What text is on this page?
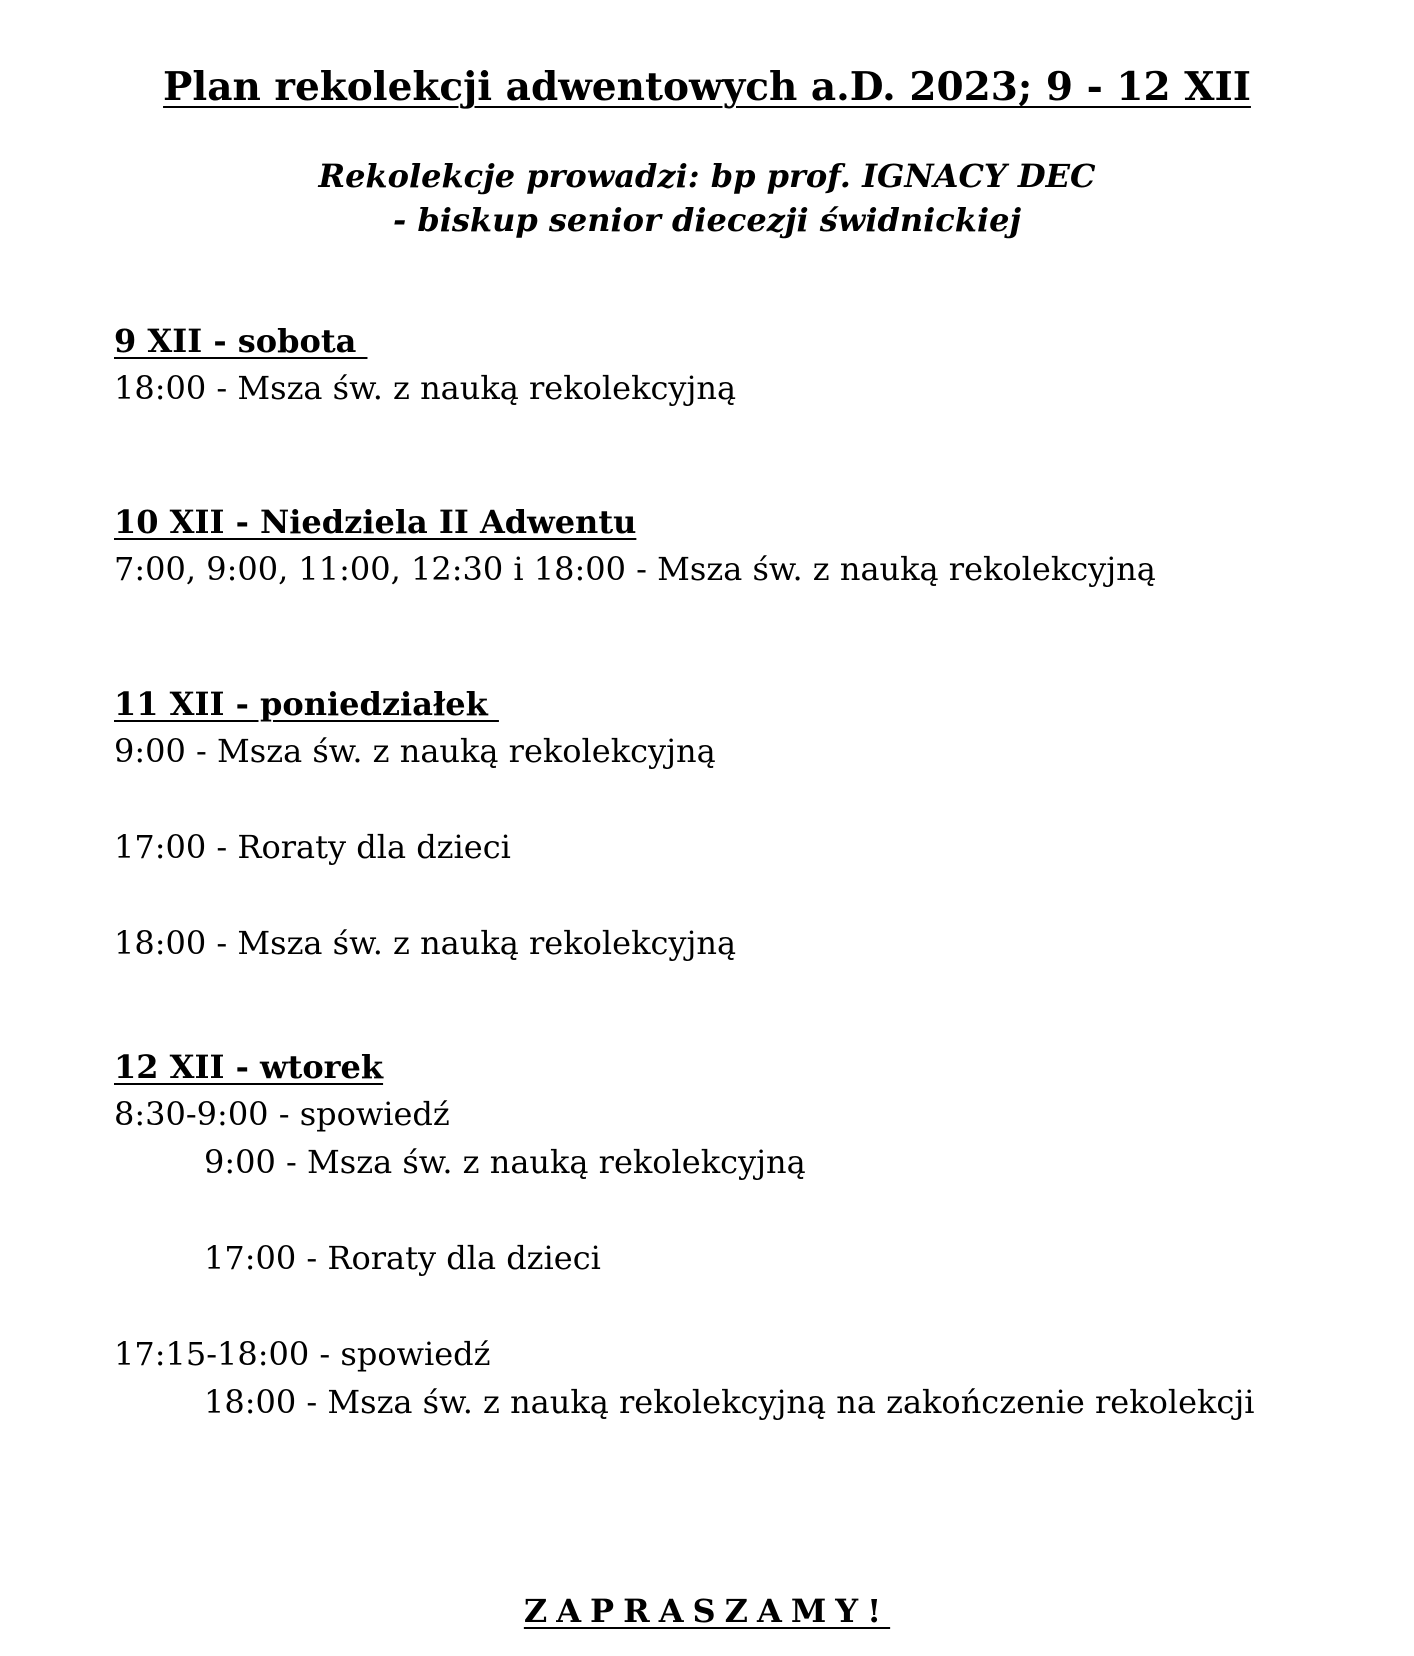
Plan rekolekcji adwentowych a.D. 2023; 9 - 12 XII
Rekolekcje prowadzi: bp prof. IGNACY DEC
- biskup senior diecezji świdnickiej

9 XII - sobota

18:00 - Msza św. z nauką rekolekcyjną

10 XII - Niedziela II Adwentu

7:00, 9:00, 11:00, 12:30 i 18:00 - Msza św. z nauką rekolekcyjną

11 XII - poniedziałek

9:00 - Msza św. z nauką rekolekcyjną

17:00 - Roraty dla dzieci

18:00 - Msza św. z nauką rekolekcyjną

12 XII - wtorek

8:30-9:00 - spowiedź

9:00 - Msza św. z nauką rekolekcyjną

17:00 - Roraty dla dzieci

17:15-18:00 - spowiedź

18:00 - Msza św. z nauką rekolekcyjną na zakończenie rekolekcji

ZAPRASZAMY!
